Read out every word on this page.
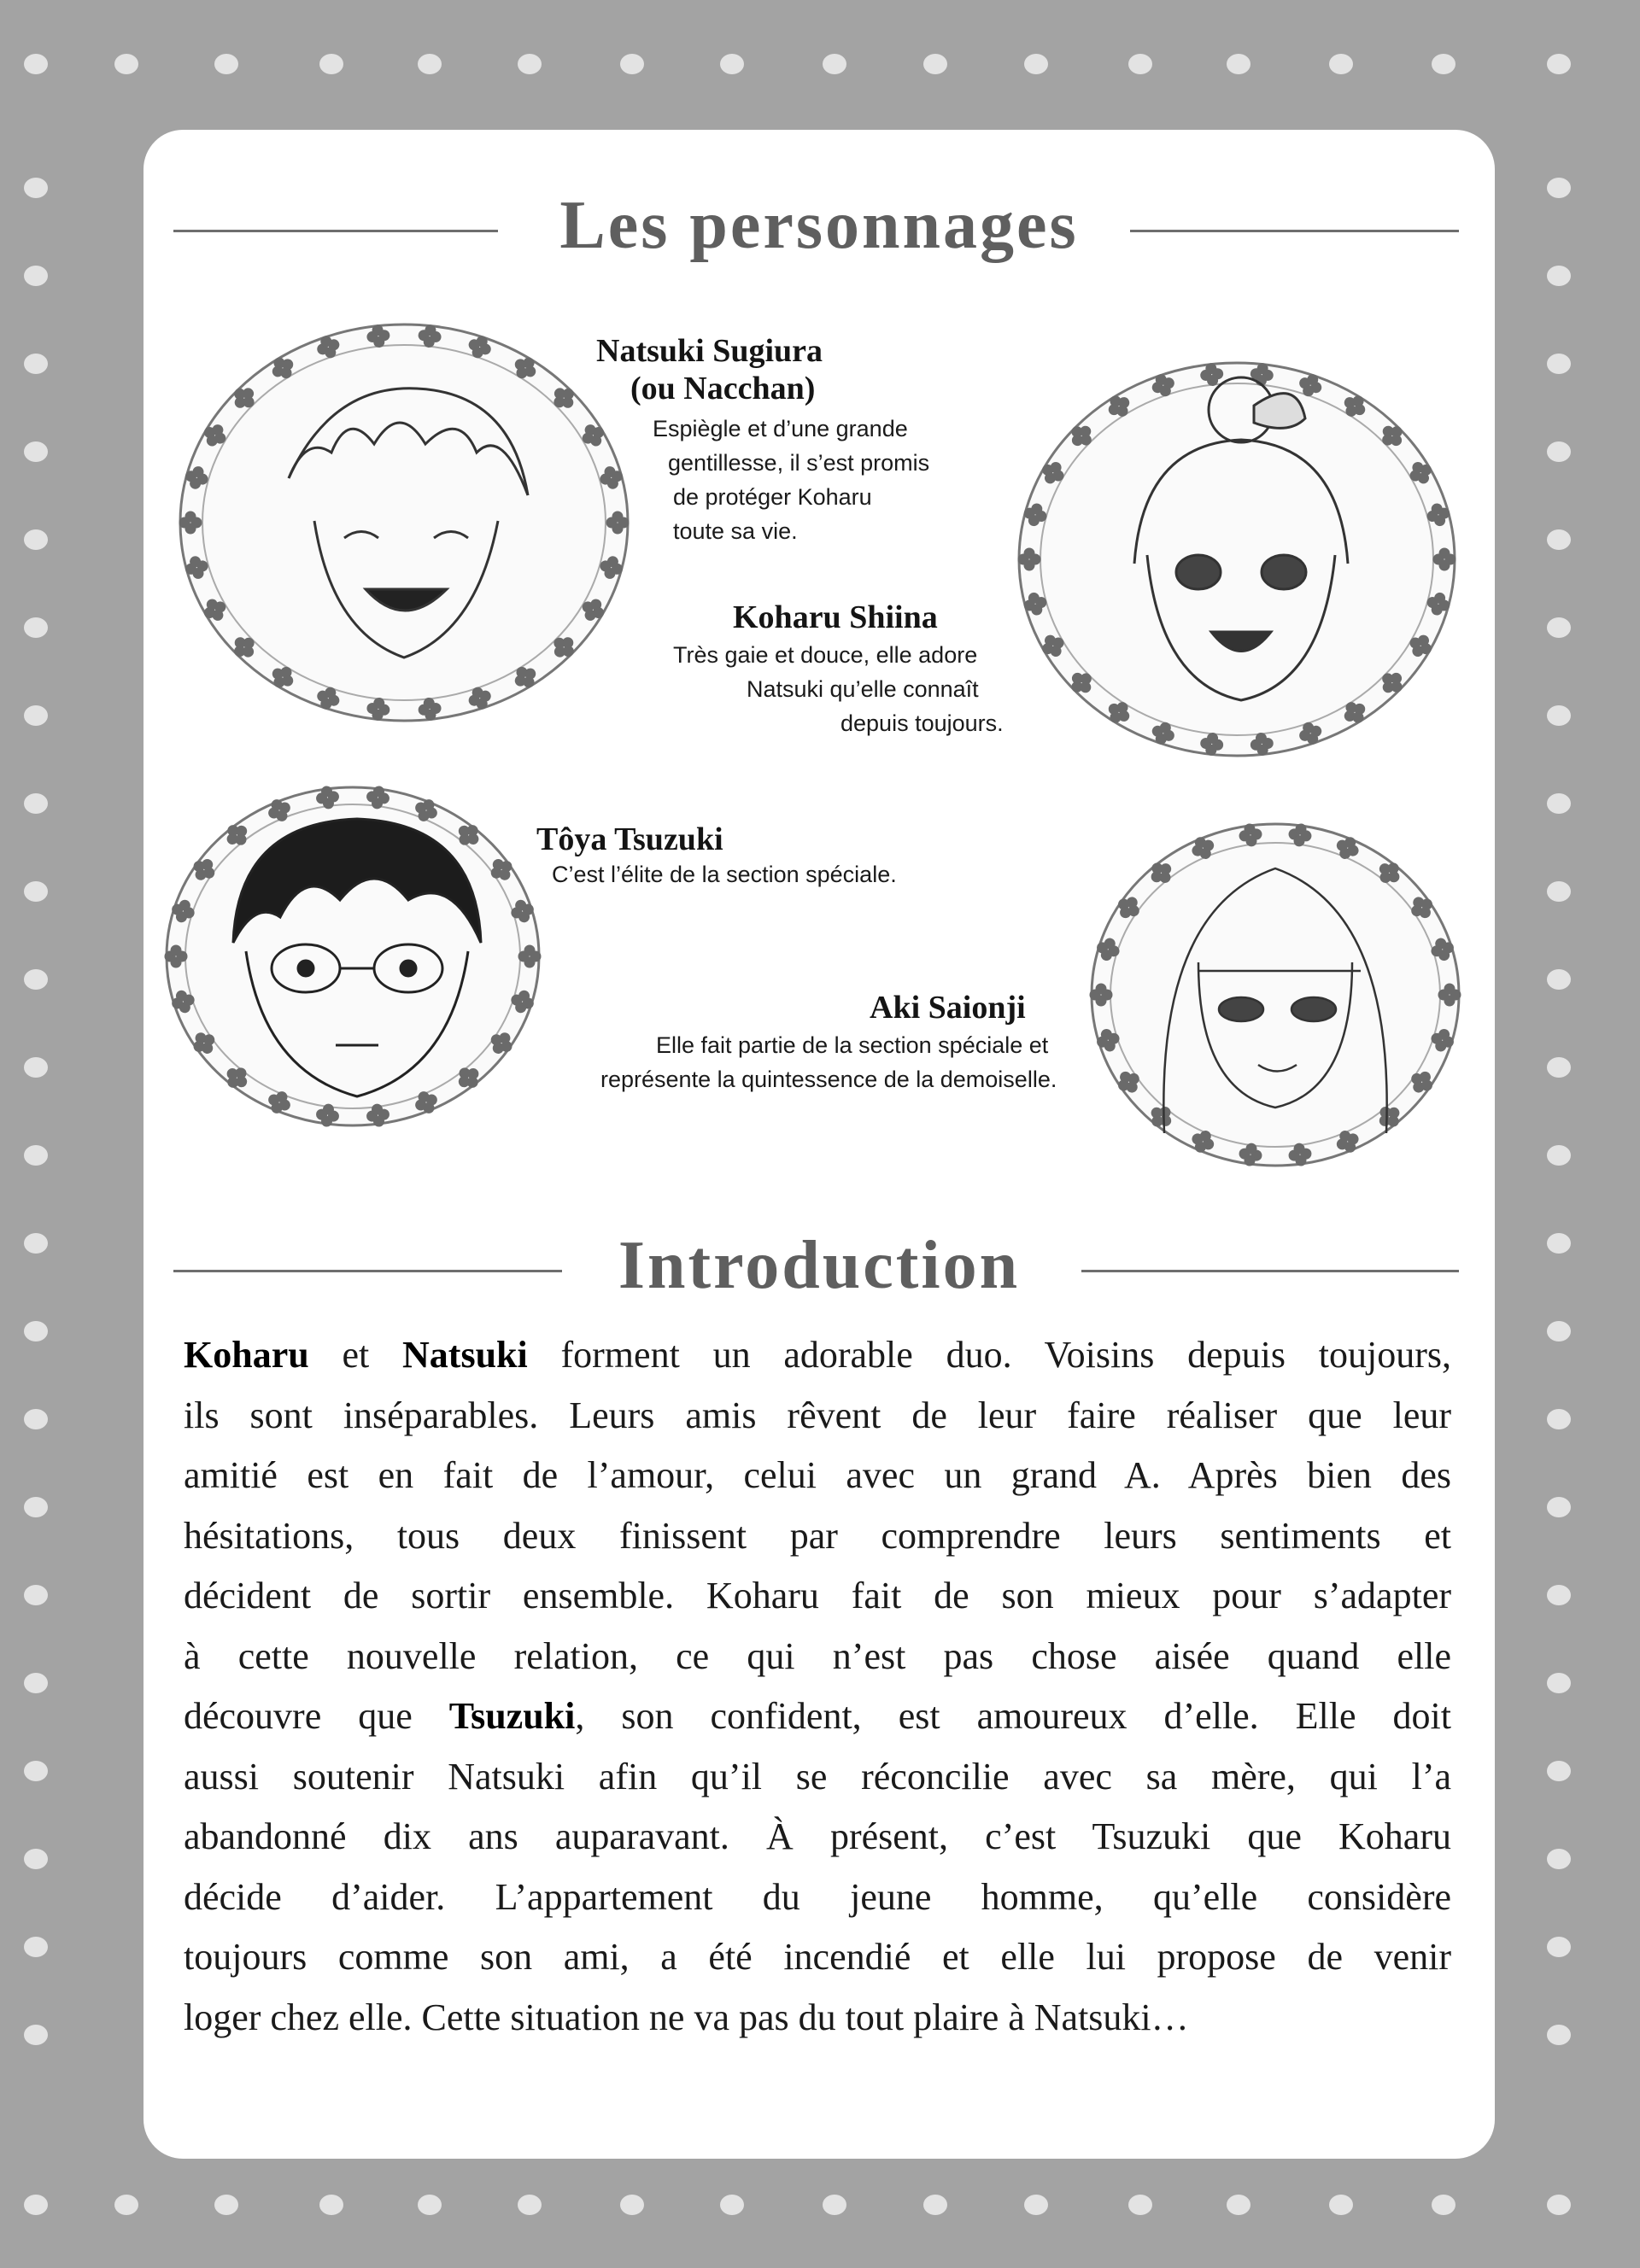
Les personnages
Natsuki Sugiura
(ou Nacchan)
Espiègle et d’une grande
gentillesse, il s’est promis
de protéger Koharu
toute sa vie.
Koharu Shiina
Très gaie et douce, elle adore
Natsuki qu’elle connaît
depuis toujours.
Tôya Tsuzuki
C’est l’élite de la section spéciale.
Aki Saionji
Elle fait partie de la section spéciale et
représente la quintessence de la demoiselle.
Introduction
Koharu et Natsuki forment un adorable duo. Voisins depuis toujours,
ils sont inséparables. Leurs amis rêvent de leur faire réaliser que leur
amitié est en fait de l’amour, celui avec un grand A. Après bien des
hésitations, tous deux finissent par comprendre leurs sentiments et
décident de sortir ensemble. Koharu fait de son mieux pour s’adapter
à cette nouvelle relation, ce qui n’est pas chose aisée quand elle
découvre que Tsuzuki, son confident, est amoureux d’elle. Elle doit
aussi soutenir Natsuki afin qu’il se réconcilie avec sa mère, qui l’a
abandonné dix ans auparavant. À présent, c’est Tsuzuki que Koharu
décide d’aider. L’appartement du jeune homme, qu’elle considère
toujours comme son ami, a été incendié et elle lui propose de venir
loger chez elle. Cette situation ne va pas du tout plaire à Natsuki…
